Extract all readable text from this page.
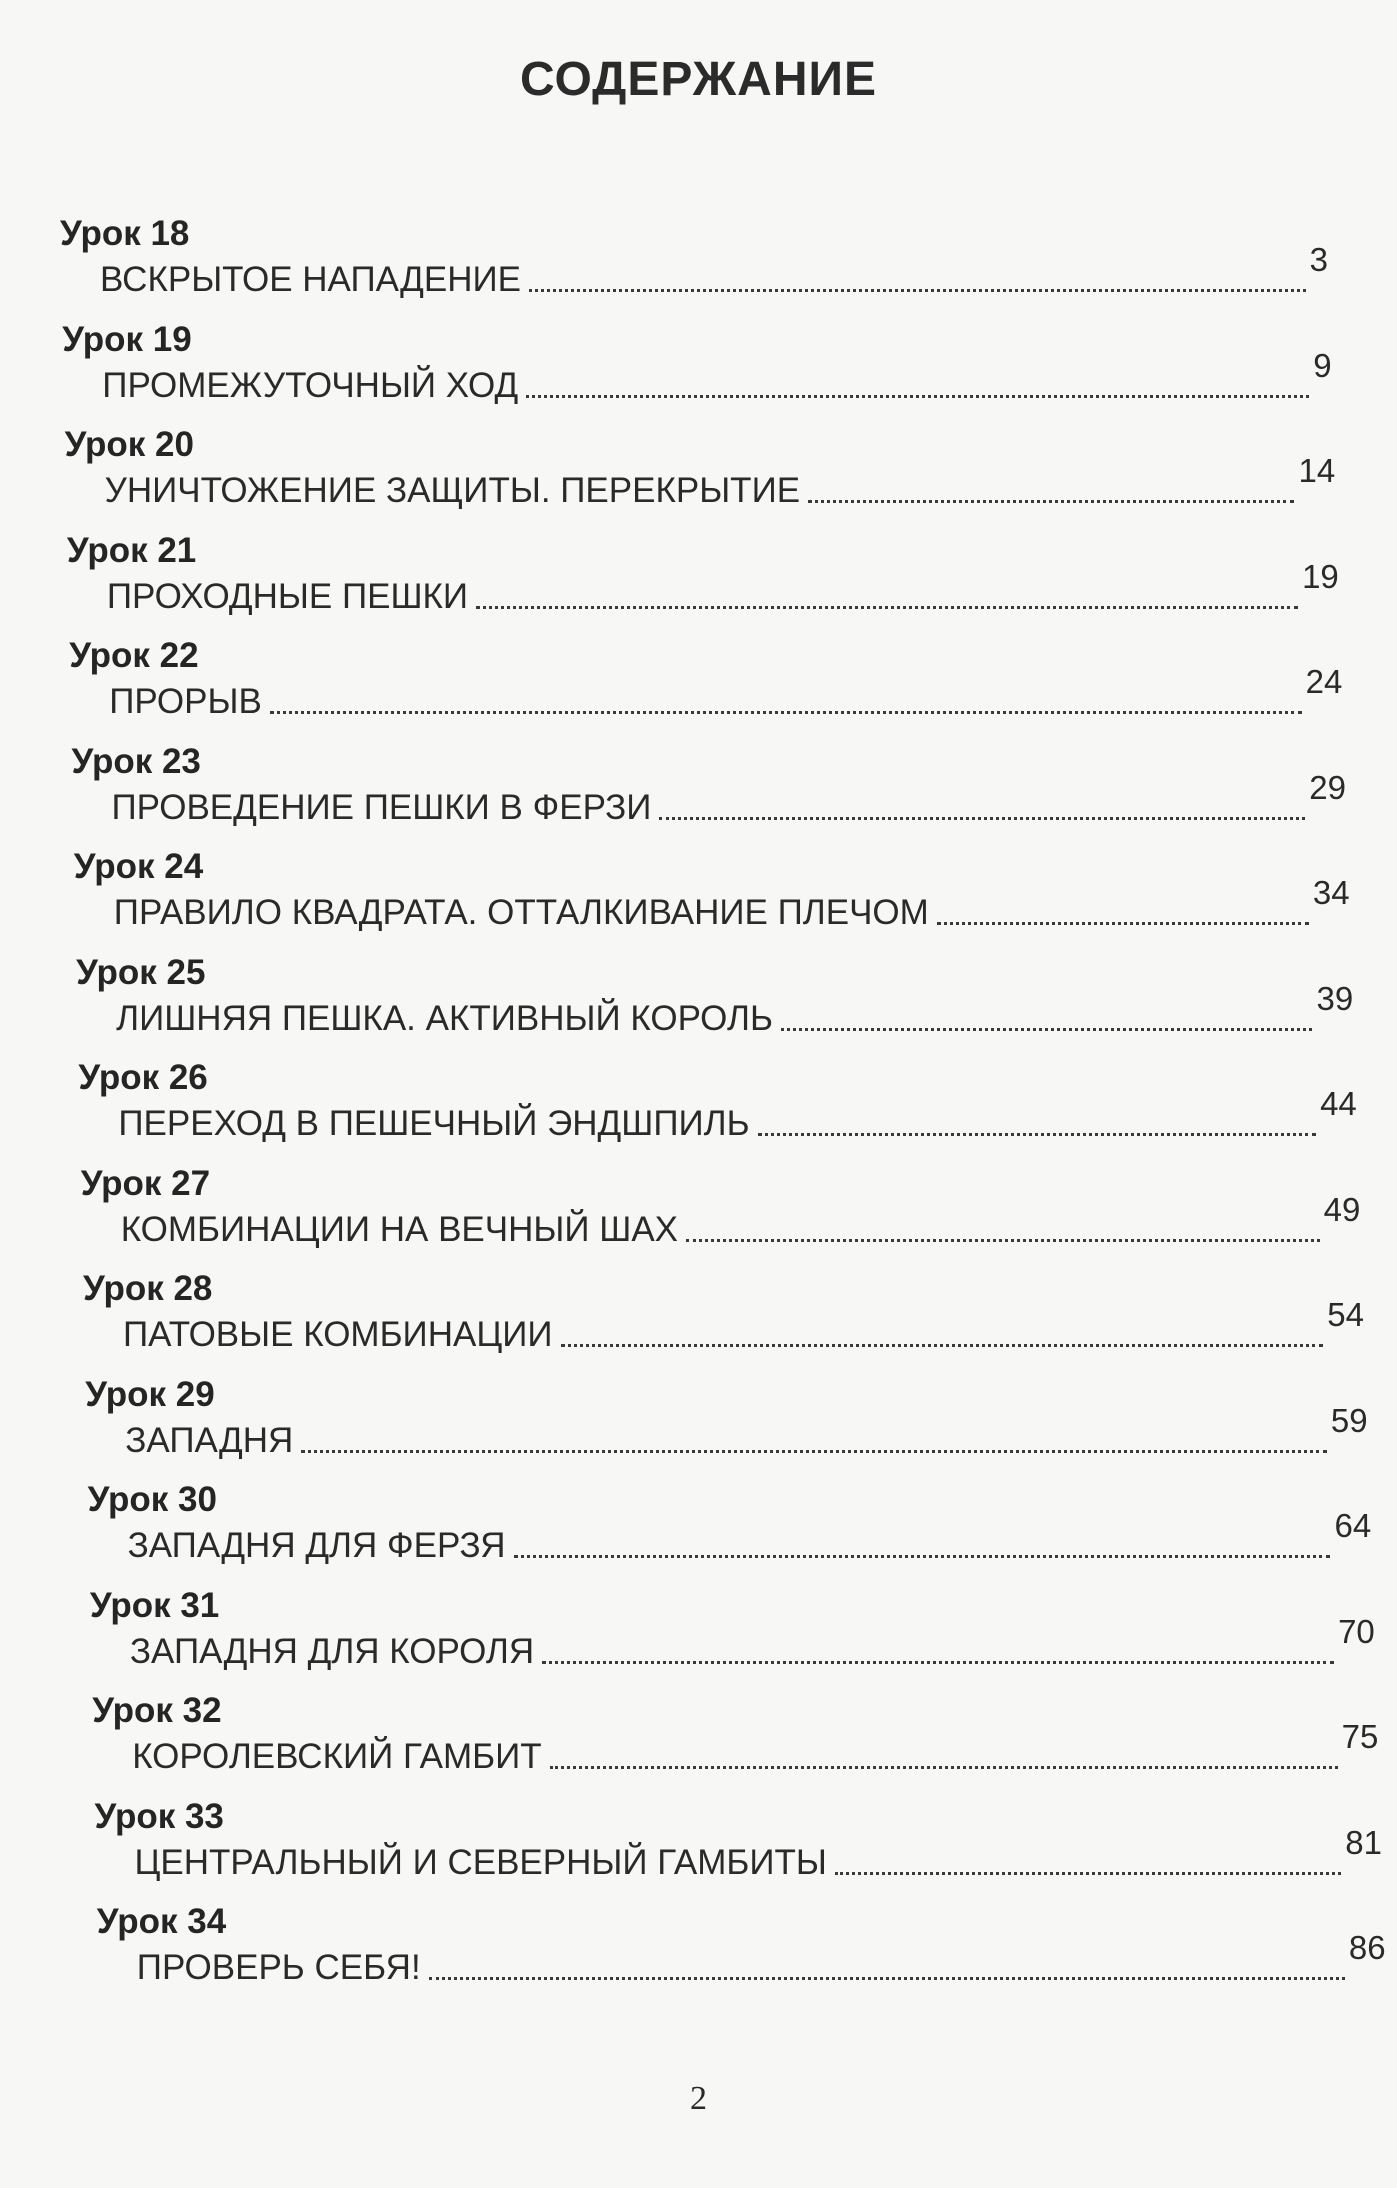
СОДЕРЖАНИЕ
Урок 18
ВСКРЫТОЕ НАПАДЕНИЕ
3
Урок 19
ПРОМЕЖУТОЧНЫЙ ХОД
9
Урок 20
УНИЧТОЖЕНИЕ ЗАЩИТЫ. ПЕРЕКРЫТИЕ
14
Урок 21
ПРОХОДНЫЕ ПЕШКИ
19
Урок 22
ПРОРЫВ
24
Урок 23
ПРОВЕДЕНИЕ ПЕШКИ В ФЕРЗИ
29
Урок 24
ПРАВИЛО КВАДРАТА. ОТТАЛКИВАНИЕ ПЛЕЧОМ
34
Урок 25
ЛИШНЯЯ ПЕШКА. АКТИВНЫЙ КОРОЛЬ
39
Урок 26
ПЕРЕХОД В ПЕШЕЧНЫЙ ЭНДШПИЛЬ
44
Урок 27
КОМБИНАЦИИ НА ВЕЧНЫЙ ШАХ
49
Урок 28
ПАТОВЫЕ КОМБИНАЦИИ
54
Урок 29
ЗАПАДНЯ
59
Урок 30
ЗАПАДНЯ ДЛЯ ФЕРЗЯ
64
Урок 31
ЗАПАДНЯ ДЛЯ КОРОЛЯ
70
Урок 32
КОРОЛЕВСКИЙ ГАМБИТ
75
Урок 33
ЦЕНТРАЛЬНЫЙ И СЕВЕРНЫЙ ГАМБИТЫ
81
Урок 34
ПРОВЕРЬ СЕБЯ!
86
2
